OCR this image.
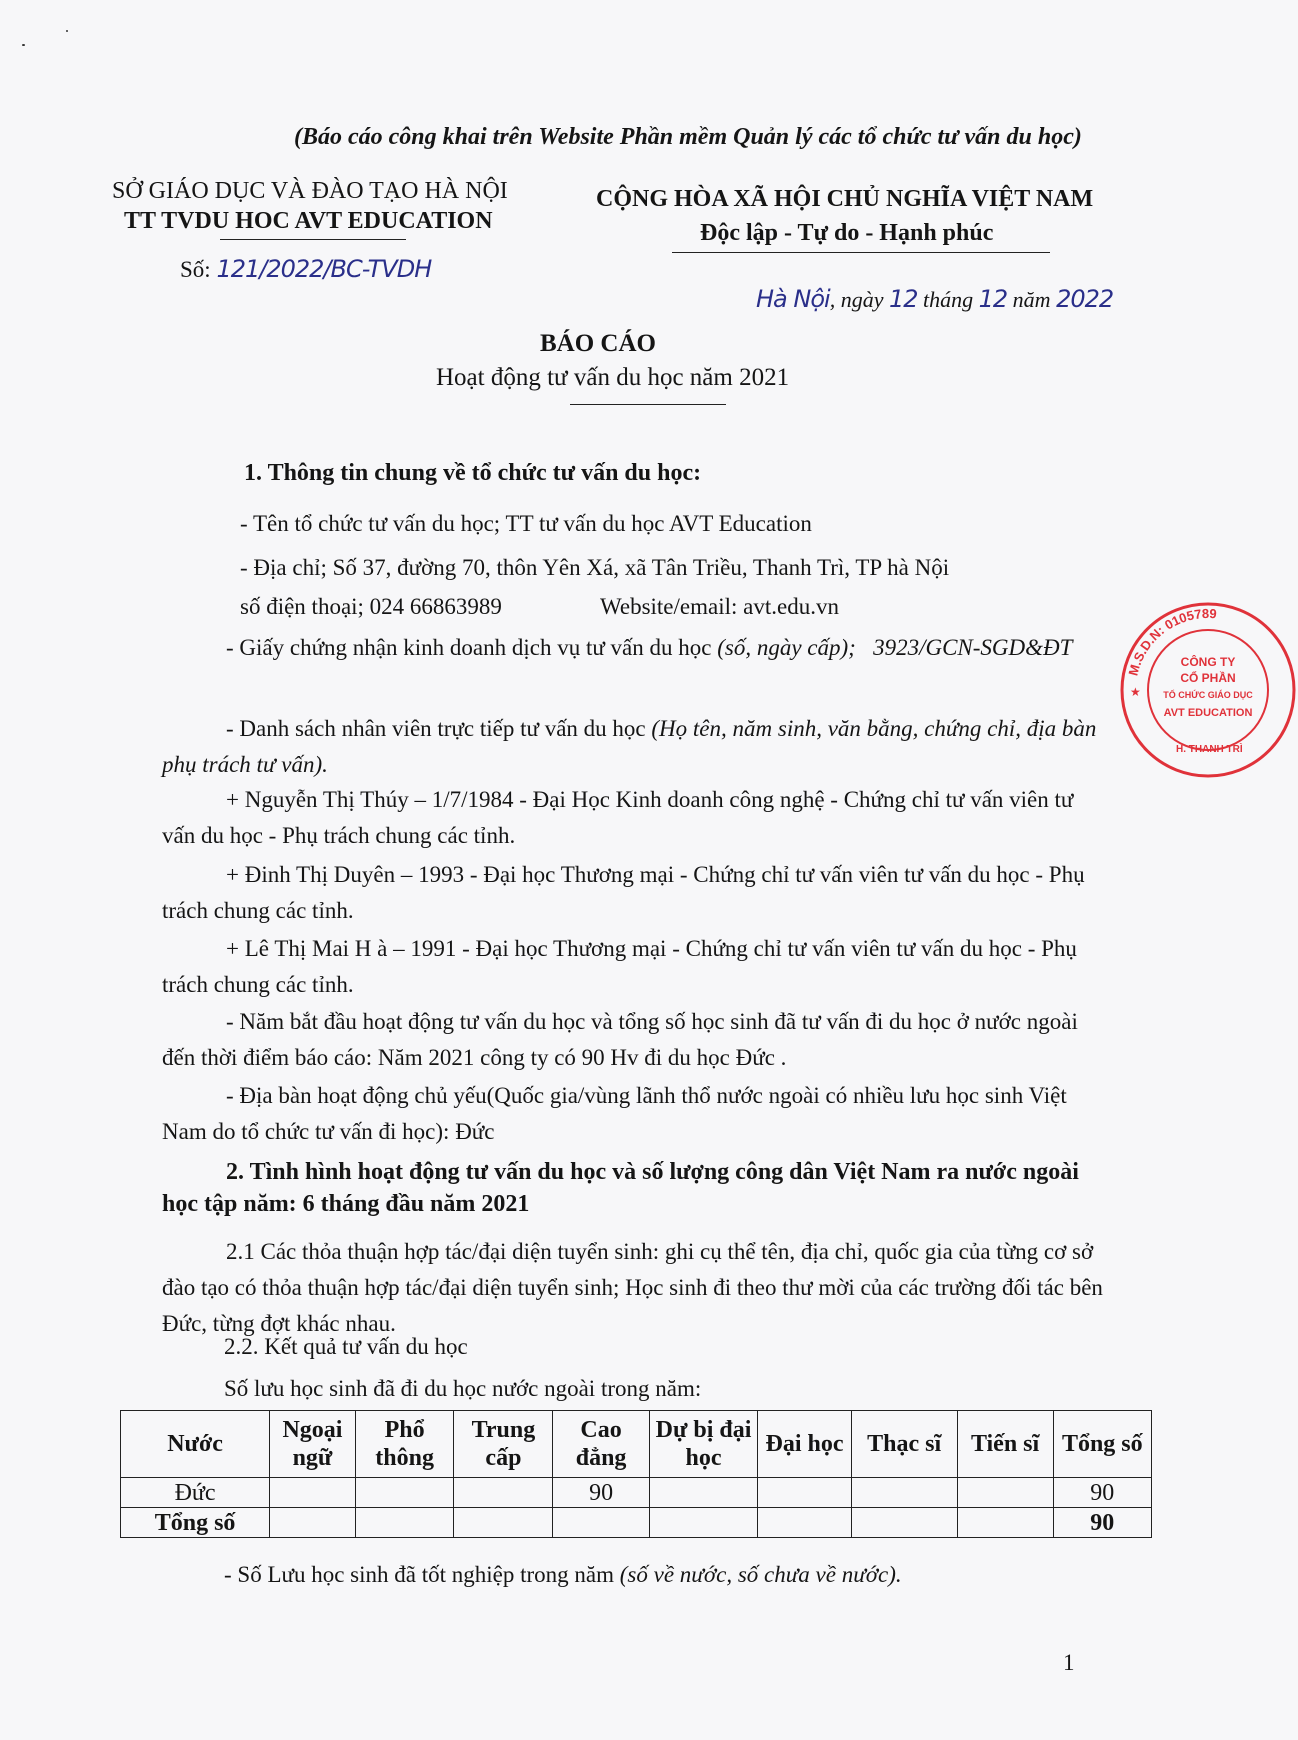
(Báo cáo công khai trên Website Phần mềm Quản lý các tổ chức tư vấn du học)
SỞ GIÁO DỤC VÀ ĐÀO TẠO HÀ NỘI
TT TVDU HOC AVT EDUCATION
Số: 121/2022/BC-TVDH
CỘNG HÒA XÃ HỘI CHỦ NGHĨA VIỆT NAM
Độc lập - Tự do - Hạnh phúc
Hà Nội, ngày 12 tháng 12 năm 2022
BÁO CÁO
Hoạt động tư vấn du học năm 2021
1. Thông tin chung về tổ chức tư vấn du học:
- Tên tổ chức tư vấn du học; TT tư vấn du học AVT Education
- Địa chỉ; Số 37, đường 70, thôn Yên Xá, xã Tân Triều, Thanh Trì, TP hà Nội
số điện thoại; 024 66863989	Website/email: avt.edu.vn

- Giấy chứng nhận kinh doanh dịch vụ tư vấn du học (số, ngày cấp); 3923/GCN-SGD&ĐT

- Danh sách nhân viên trực tiếp tư vấn du học (Họ tên, năm sinh, văn bằng, chứng chỉ, địa bàn phụ trách tư vấn).

+ Nguyễn Thị Thúy – 1/7/1984 - Đại Học Kinh doanh công nghệ - Chứng chỉ tư vấn viên tư vấn du học - Phụ trách chung các tỉnh.

+ Đinh Thị Duyên – 1993 - Đại học Thương mại - Chứng chỉ tư vấn viên tư vấn du học - Phụ trách chung các tỉnh.

+ Lê Thị Mai H à – 1991 - Đại học Thương mại - Chứng chỉ tư vấn viên tư vấn du học - Phụ trách chung các tỉnh.

- Năm bắt đầu hoạt động tư vấn du học và tổng số học sinh đã tư vấn đi du học ở nước ngoài đến thời điểm báo cáo: Năm 2021 công ty có 90 Hv đi du học Đức .

- Địa bàn hoạt động chủ yếu(Quốc gia/vùng lãnh thổ nước ngoài có nhiều lưu học sinh Việt Nam do tổ chức tư vấn đi học): Đức

2. Tình hình hoạt động tư vấn du học và số lượng công dân Việt Nam ra nước ngoài học tập năm: 6 tháng đầu năm 2021

2.1 Các thỏa thuận hợp tác/đại diện tuyển sinh: ghi cụ thể tên, địa chỉ, quốc gia của từng cơ sở đào tạo có thỏa thuận hợp tác/đại diện tuyển sinh; Học sinh đi theo thư mời của các trường đối tác bên Đức, từng đợt khác nhau.

2.2. Kết quả tư vấn du học
Số lưu học sinh đã đi du học nước ngoài trong năm:
Nước	Ngoại ngữ	Phổ thông	Trung cấp	Cao đẳng	Dự bị đại học	Đại học	Thạc sĩ	Tiến sĩ	Tổng số
Đức				90					90
Tổng số									90
- Số Lưu học sinh đã tốt nghiệp trong năm (số về nước, số chưa về nước).
M.S.D.N: 0105789
CÔNG TY
CỔ PHẦN
TỔ CHỨC GIÁO DỤC
AVT EDUCATION
H. THANH TRÌ
★
1
